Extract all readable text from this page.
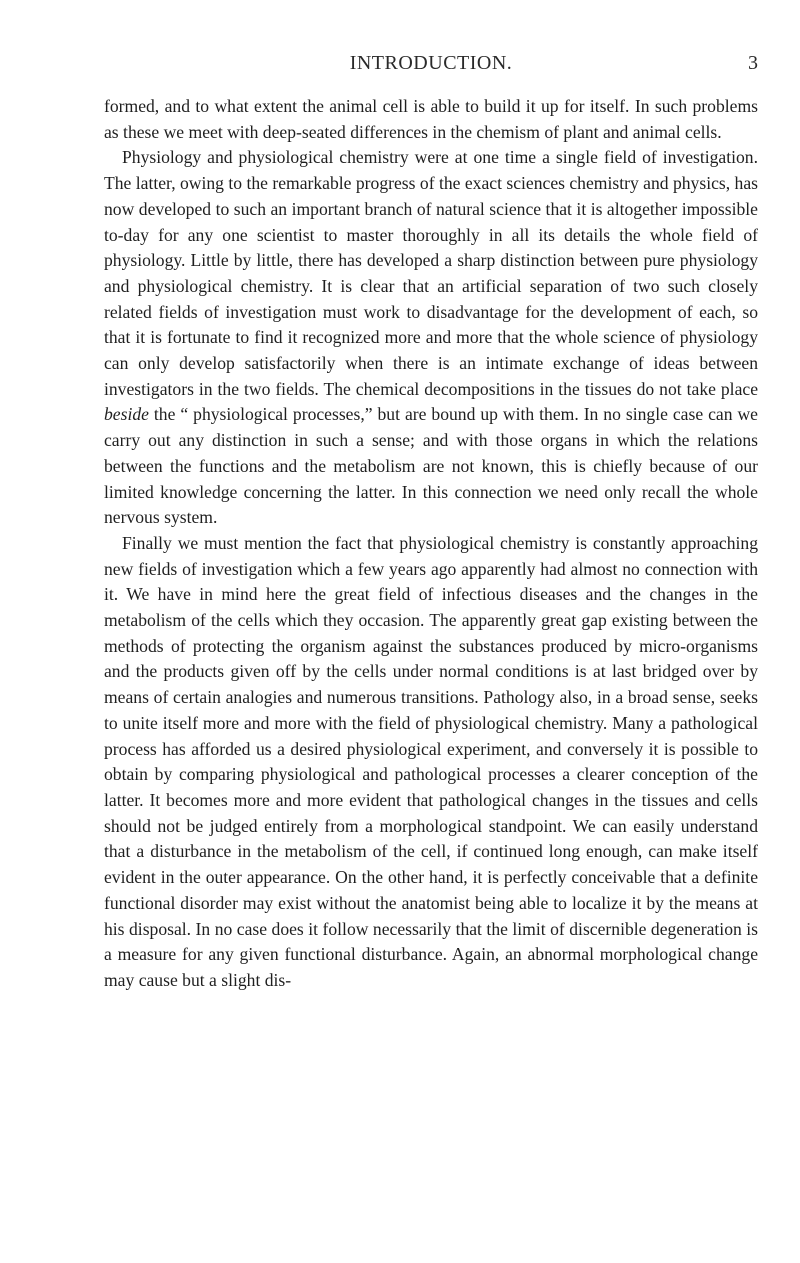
INTRODUCTION.	3

formed, and to what extent the animal cell is able to build it up for itself. In such problems as these we meet with deep-seated differences in the chemism of plant and animal cells.

Physiology and physiological chemistry were at one time a single field of investigation. The latter, owing to the remarkable progress of the exact sciences chemistry and physics, has now developed to such an important branch of natural science that it is altogether impossible to-day for any one scientist to master thoroughly in all its details the whole field of physiology. Little by little, there has developed a sharp distinction between pure physiology and physiological chemistry. It is clear that an artificial separation of two such closely related fields of investigation must work to disadvantage for the development of each, so that it is fortunate to find it recognized more and more that the whole science of physiology can only develop satisfactorily when there is an intimate exchange of ideas between investigators in the two fields. The chemical decompositions in the tissues do not take place beside the “ physiological processes,” but are bound up with them. In no single case can we carry out any distinction in such a sense; and with those organs in which the relations between the functions and the metabolism are not known, this is chiefly because of our limited knowledge concerning the latter. In this connection we need only recall the whole nervous system.

Finally we must mention the fact that physiological chemistry is constantly approaching new fields of investigation which a few years ago apparently had almost no connection with it. We have in mind here the great field of infectious diseases and the changes in the metabolism of the cells which they occasion. The apparently great gap existing between the methods of protecting the organism against the substances produced by micro-organisms and the products given off by the cells under normal conditions is at last bridged over by means of certain analogies and numerous transitions. Pathology also, in a broad sense, seeks to unite itself more and more with the field of physiological chemistry. Many a pathological process has afforded us a desired physiological experiment, and conversely it is possible to obtain by comparing physiological and pathological processes a clearer conception of the latter. It becomes more and more evident that pathological changes in the tissues and cells should not be judged entirely from a morphological standpoint. We can easily understand that a disturbance in the metabolism of the cell, if continued long enough, can make itself evident in the outer appearance. On the other hand, it is perfectly conceivable that a definite functional disorder may exist without the anatomist being able to localize it by the means at his disposal. In no case does it follow necessarily that the limit of discernible degeneration is a measure for any given functional disturbance. Again, an abnormal morphological change may cause but a slight dis-
